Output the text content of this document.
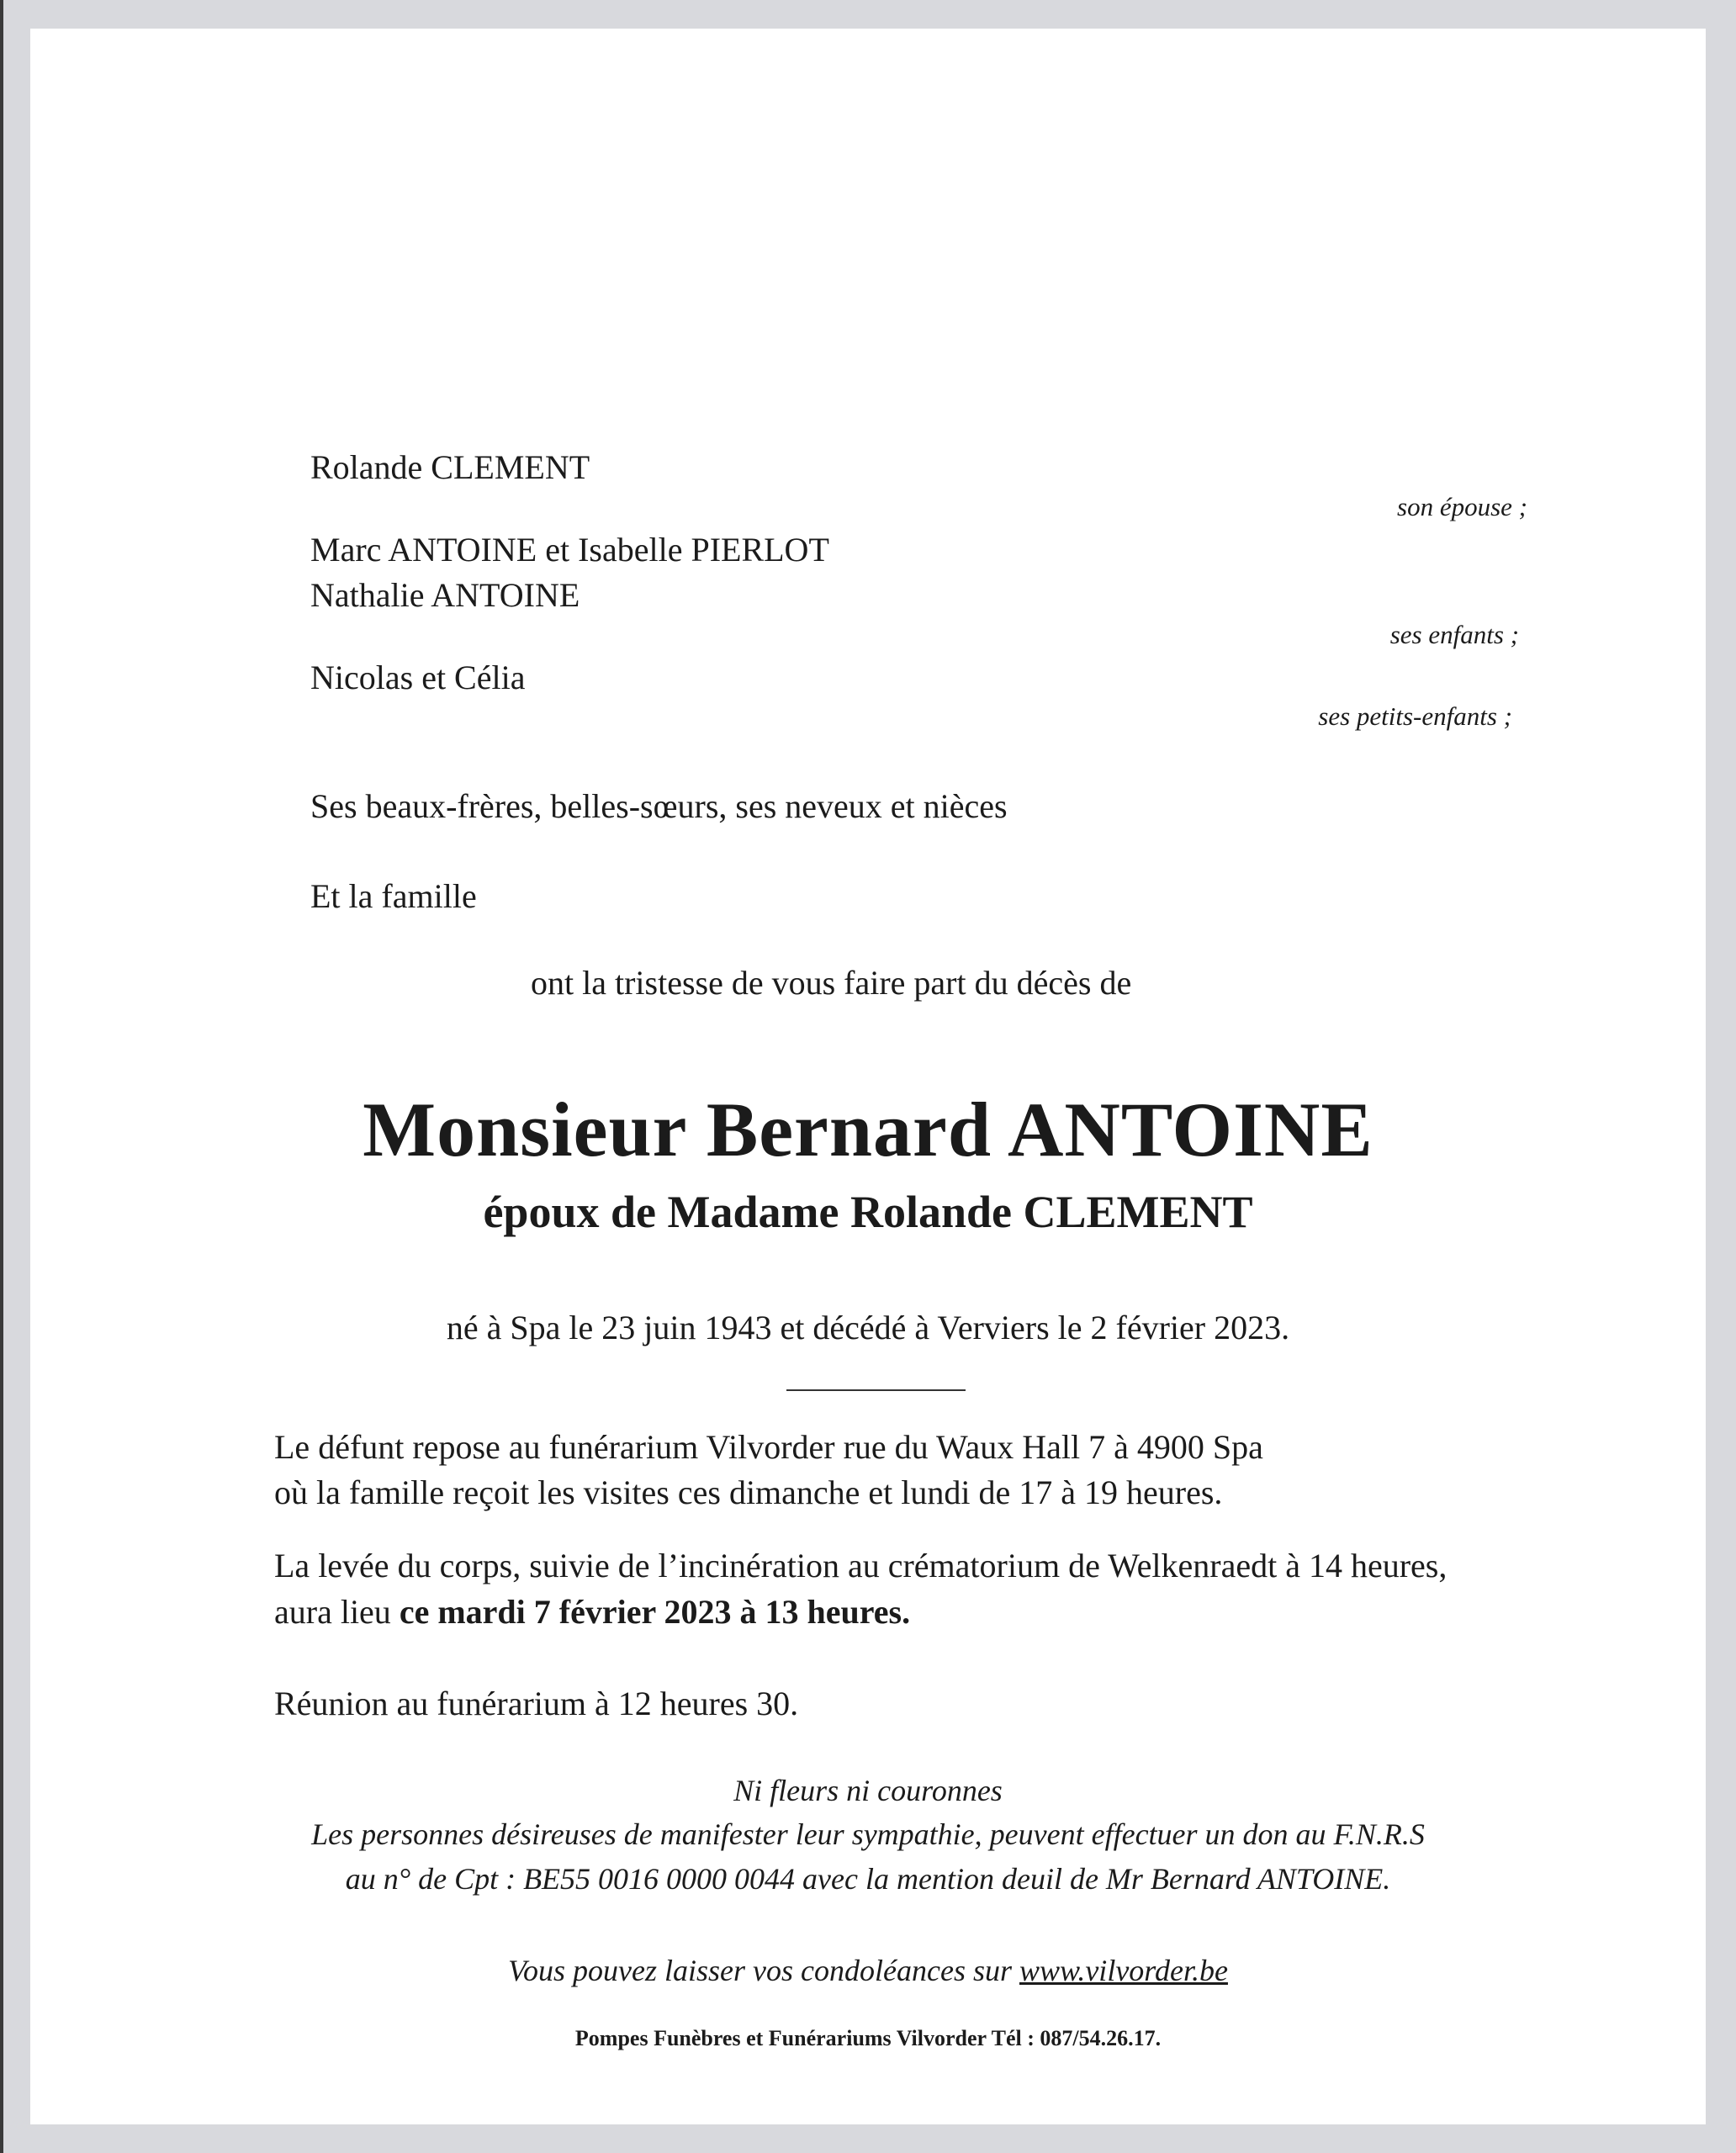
Rolande CLEMENT
son épouse ;
Marc ANTOINE et Isabelle PIERLOT
Nathalie ANTOINE
ses enfants ;
Nicolas et Célia
ses petits-enfants ;
Ses beaux-frères, belles-sœurs, ses neveux et nièces
Et la famille
ont la tristesse de vous faire part du décès de
Monsieur Bernard ANTOINE
époux de Madame Rolande CLEMENT
né à Spa le 23 juin 1943 et décédé à Verviers le 2 février 2023.
Le défunt repose au funérarium Vilvorder rue du Waux Hall 7 à 4900 Spa
où la famille reçoit les visites ces dimanche et lundi de 17 à 19 heures.
La levée du corps, suivie de l’incinération au crématorium de Welkenraedt à 14 heures,
aura lieu ce mardi 7 février 2023 à 13 heures.
Réunion au funérarium à 12 heures 30.
Ni fleurs ni couronnes
Les personnes désireuses de manifester leur sympathie, peuvent effectuer un don au F.N.R.S
au n° de Cpt : BE55 0016 0000 0044 avec la mention deuil de Mr Bernard ANTOINE.
Vous pouvez laisser vos condoléances sur www.vilvorder.be
Pompes Funèbres et Funérariums Vilvorder Tél : 087/54.26.17.
